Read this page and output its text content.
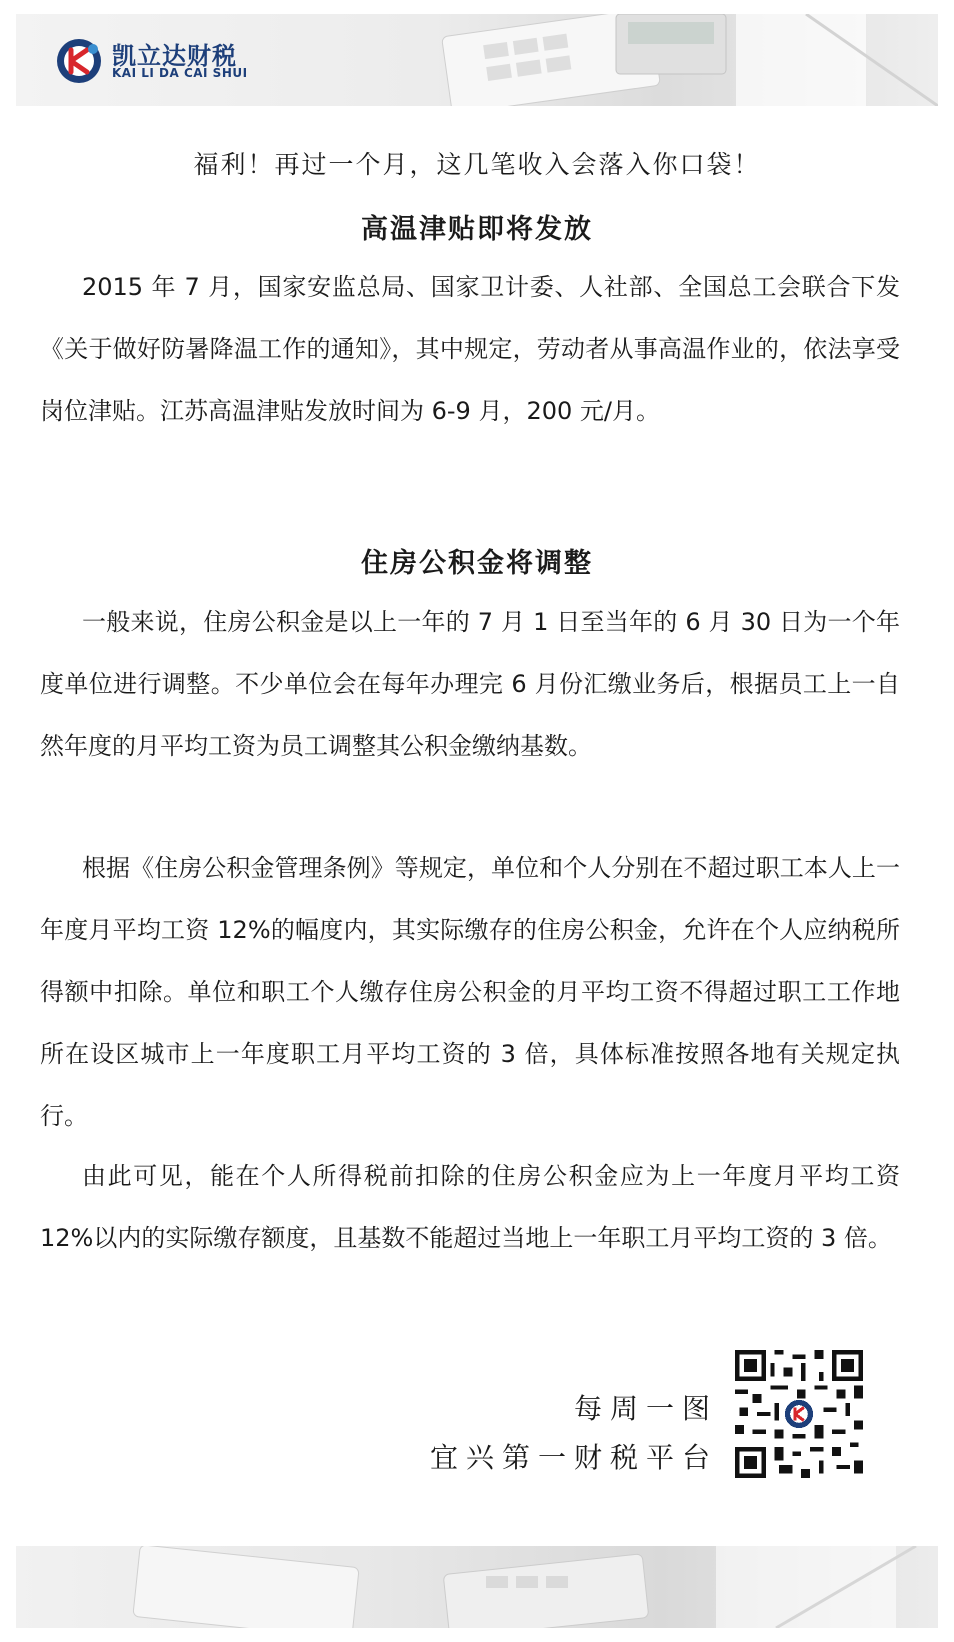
凯立达财税
KAI LI DA CAI SHUI
福利！再过一个月，这几笔收入会落入你口袋！
高温津贴即将发放

2015 年 7 月，国家安监总局、国家卫计委、人社部、全国总工会联合下发《关于做好防暑降温工作的通知》，其中规定，劳动者从事高温作业的，依法享受岗位津贴。江苏高温津贴发放时间为 6-9 月，200 元/月。

住房公积金将调整

一般来说，住房公积金是以上一年的 7 月 1 日至当年的 6 月 30 日为一个年度单位进行调整。不少单位会在每年办理完 6 月份汇缴业务后，根据员工上一自然年度的月平均工资为员工调整其公积金缴纳基数。

根据《住房公积金管理条例》等规定，单位和个人分别在不超过职工本人上一年度月平均工资 12%的幅度内，其实际缴存的住房公积金，允许在个人应纳税所得额中扣除。单位和职工个人缴存住房公积金的月平均工资不得超过职工工作地所在设区城市上一年度职工月平均工资的 3 倍，具体标准按照各地有关规定执行。

由此可见，能在个人所得税前扣除的住房公积金应为上一年度月平均工资 12%以内的实际缴存额度，且基数不能超过当地上一年职工月平均工资的 3 倍。

每周一图
宜兴第一财税平台
